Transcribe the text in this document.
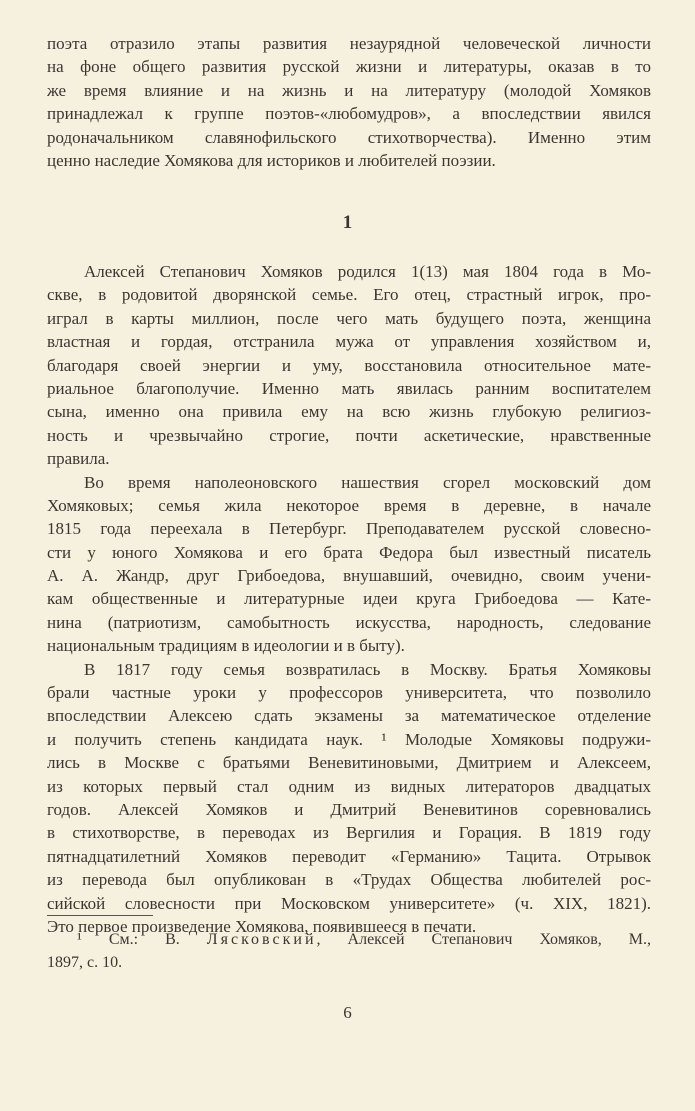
поэта отразило этапы развития незаурядной человеческой личности
на фоне общего развития русской жизни и литературы, оказав в то
же время влияние и на жизнь и на литературу (молодой Хомяков
принадлежал к группе поэтов-«любомудров», а впоследствии явился
родоначальником славянофильского стихотворчества). Именно этим
ценно наследие Хомякова для историков и любителей поэзии.
1
Алексей Степанович Хомяков родился 1(13) мая 1804 года в Мо-
скве, в родовитой дворянской семье. Его отец, страстный игрок, про-
играл в карты миллион, после чего мать будущего поэта, женщина
властная и гордая, отстранила мужа от управления хозяйством и,
благодаря своей энергии и уму, восстановила относительное мате-
риальное благополучие. Именно мать явилась ранним воспитателем
сына, именно она привила ему на всю жизнь глубокую религиоз-
ность и чрезвычайно строгие, почти аскетические, нравственные
правила.
Во время наполеоновского нашествия сгорел московский дом
Хомяковых; семья жила некоторое время в деревне, в начале
1815 года переехала в Петербург. Преподавателем русской словесно-
сти у юного Хомякова и его брата Федора был известный писатель
А. А. Жандр, друг Грибоедова, внушавший, очевидно, своим учени-
кам общественные и литературные идеи круга Грибоедова — Кате-
нина (патриотизм, самобытность искусства, народность, следование
национальным традициям в идеологии и в быту).
В 1817 году семья возвратилась в Москву. Братья Хомяковы
брали частные уроки у профессоров университета, что позволило
впоследствии Алексею сдать экзамены за математическое отделение
и получить степень кандидата наук. ¹ Молодые Хомяковы подружи-
лись в Москве с братьями Веневитиновыми, Дмитрием и Алексеем,
из которых первый стал одним из видных литераторов двадцатых
годов. Алексей Хомяков и Дмитрий Веневитинов соревновались
в стихотворстве, в переводах из Вергилия и Горация. В 1819 году
пятнадцатилетний Хомяков переводит «Германию» Тацита. Отрывок
из перевода был опубликован в «Трудах Общества любителей рос-
сийской словесности при Московском университете» (ч. XIX, 1821).
Это первое произведение Хомякова, появившееся в печати.
¹ См.: В. Лясковский, Алексей Степанович Хомяков, М.,
1897, с. 10.
6
